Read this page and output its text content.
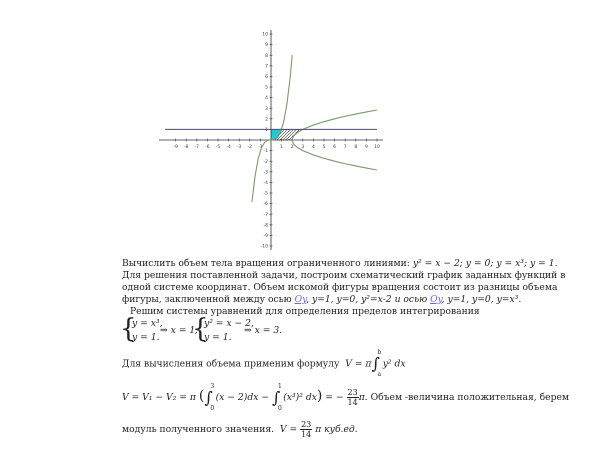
-9 -8 -7 -6 -5 -4 -3 -2 -1	1 2 3 4 5 6 7 8 9 10
10
9
8
7
6
5
4
3
2
1
-1
-2
-3
-4
-5
-6
-7
-8
-9
-10
Вычислить объем тела вращения ограниченного линиями: y² = x − 2; y = 0; y = x³; y = 1.
Для решения поставленной задачи, построим схематический график заданных функций в
одной системе координат. Объем искомой фигуры вращения состоит из разницы объема
фигуры, заключенной между осью Oy, y=1, y=0, y²=x-2 и осью Oy, y=1, y=0, y=x³.
Решим системы уравнений для определения пределов интегрирования
{
y = x³,
y = 1.
⇒ x = 1;
{
y² = x − 2,
y = 1.
⇒ x = 3.
Для вычисления объема применим формулу V = π∫
b
a
y² dx
V = V₁ − V₂ = π (∫
3
0
(x − 2)dx − ∫
1
0
(x³)² dx) = − $\frac{23}{14} \pi$. Объем -величина положительная, берем
модуль полученного значения. $V = \frac{23}{14}$ π куб.ед.
